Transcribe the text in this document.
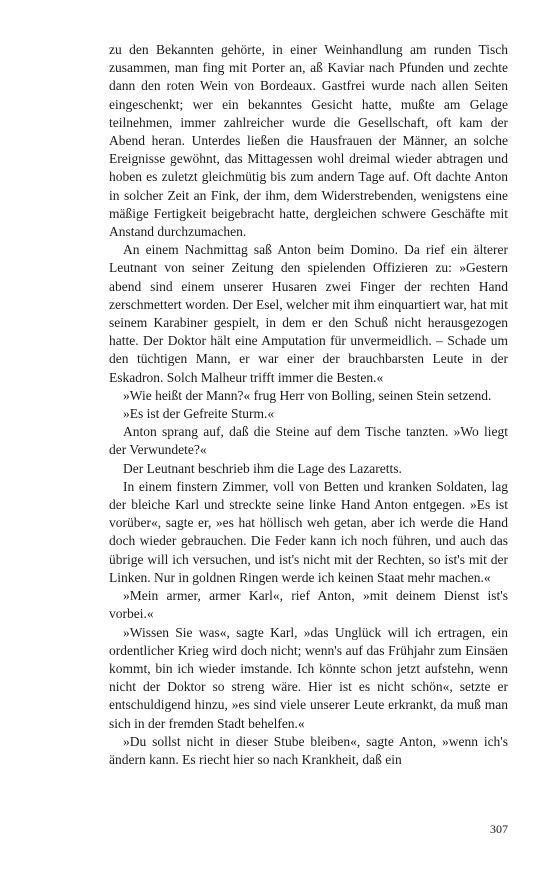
zu den Bekannten gehörte, in einer Weinhandlung am runden Tisch zusammen, man fing mit Porter an, aß Kaviar nach Pfunden und zechte dann den roten Wein von Bordeaux. Gastfrei wurde nach allen Seiten eingeschenkt; wer ein bekanntes Gesicht hatte, mußte am Gelage teilnehmen, immer zahlreicher wurde die Gesellschaft, oft kam der Abend heran. Unterdes ließen die Hausfrauen der Männer, an solche Ereignisse gewöhnt, das Mittagessen wohl dreimal wieder abtragen und hoben es zuletzt gleichmütig bis zum andern Tage auf. Oft dachte Anton in solcher Zeit an Fink, der ihm, dem Widerstrebenden, wenigstens eine mäßige Fertigkeit beigebracht hatte, dergleichen schwere Geschäfte mit Anstand durchzumachen.

An einem Nachmittag saß Anton beim Domino. Da rief ein älterer Leutnant von seiner Zeitung den spielenden Offizieren zu: »Gestern abend sind einem unserer Husaren zwei Finger der rechten Hand zerschmettert worden. Der Esel, welcher mit ihm einquartiert war, hat mit seinem Karabiner gespielt, in dem er den Schuß nicht herausgezogen hatte. Der Doktor hält eine Amputation für unvermeidlich. – Schade um den tüchtigen Mann, er war einer der brauchbarsten Leute in der Eskadron. Solch Malheur trifft immer die Besten.«

»Wie heißt der Mann?« frug Herr von Bolling, seinen Stein setzend.

»Es ist der Gefreite Sturm.«

Anton sprang auf, daß die Steine auf dem Tische tanzten. »Wo liegt der Verwundete?«

Der Leutnant beschrieb ihm die Lage des Lazaretts.

In einem finstern Zimmer, voll von Betten und kranken Soldaten, lag der bleiche Karl und streckte seine linke Hand Anton entgegen. »Es ist vorüber«, sagte er, »es hat höllisch weh getan, aber ich werde die Hand doch wieder gebrauchen. Die Feder kann ich noch führen, und auch das übrige will ich versuchen, und ist's nicht mit der Rechten, so ist's mit der Linken. Nur in goldnen Ringen werde ich keinen Staat mehr machen.«

»Mein armer, armer Karl«, rief Anton, »mit deinem Dienst ist's vorbei.«

»Wissen Sie was«, sagte Karl, »das Unglück will ich ertragen, ein ordentlicher Krieg wird doch nicht; wenn's auf das Frühjahr zum Einsäen kommt, bin ich wieder imstande. Ich könnte schon jetzt aufstehn, wenn nicht der Doktor so streng wäre. Hier ist es nicht schön«, setzte er entschuldigend hinzu, »es sind viele unserer Leute erkrankt, da muß man sich in der fremden Stadt behelfen.«

»Du sollst nicht in dieser Stube bleiben«, sagte Anton, »wenn ich's ändern kann. Es riecht hier so nach Krankheit, daß ein

307
